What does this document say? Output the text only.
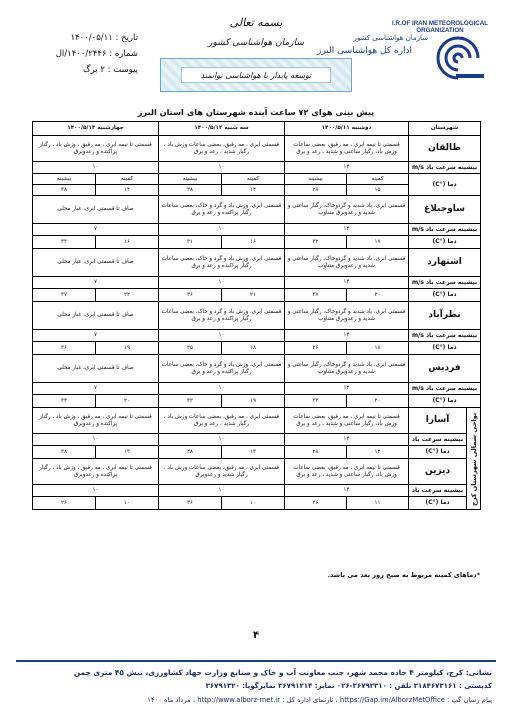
I.R.OF IRAN METEOROLOGICAL ORGANIZATION
اداره کل هواشناسی البرز
سازمان هواشناسی کشور
بسمه تعالی
سازمان هواشناسی کشور
توسعه پایدار با هواشناسی توانمند
تاریخ : ۱۴۰۰/۰۵/۱۱
شماره : ۱۴۰۰/۲۴۴۶/ال
پیوست : ۲ برگ
پیش بینی هوای ۷۲ ساعت آینده شهرستان های استان البرز
شهرستان		دوشنبه ۱۴۰۰/۵/۱۱		سه شنبه ۱۴۰۰/۵/۱۲		چهارشنبه ۱۴۰۰/۵/۱۳	
طالقان		قسمتی تا نیمه ابری ، مه رقیق، بعضی ساعات وزش باد، رگبار ساعتی و شدید ، رعد و برق		قسمتی ابری ، مه رقیق، بعضی ساعات وزش باد ، رگبار شدید ، رعد و برق		قسمتی تا نیمه ابری ، مه رقیق ، وزش باد ، رگبار پراکنده و رعدوبرق	
بیشینه سرعت باد m/s		۱۴		۱۰		۱۰	
دما (°C)		کمینه	بیشینه	کمینه	بیشینه	کمینه	بیشینه
		۱۵	۲۸	۱۴	۲۸	۱۴	۳۸
ساوجبلاغ		قسمتی ابری، باد شدید و گردوخاک، رگبار ساعتی و شدید و رعدوبرق متناوب		قسمتی ابری، وزش باد و گرد و خاک، بعضی ساعات رگبار پراکنده و رعد و برق		صاف تا قسمتی ابری، غبار محلی	
بیشینه سرعت باد m/s		۱۴		۱۰		۷	
دما (°C)		۱۷	۳۲	۱۶	۳۱	۱۶	۳۳
اشتهارد		قسمتی ابری، باد شدید و گردوخاک، رگبار ساعتی و شدید و رعدوبرق متناوب		قسمتی ابری، وزش باد و گرد و خاک، بعضی ساعات رگبار پراکنده و رعد و برق		صاف تا قسمتی ابری، غبار محلی	
بیشینه سرعت باد m/s		۱۴		۱۰		۷	
دما (°C)		۲۰	۳۷	۲۱	۳۶	۲۲	۳۷
نظرآباد		قسمتی ابری، باد شدید و گردوخاک، رگبار ساعتی و شدید و رعدوبرق متناوب		قسمتی ابری، وزش باد و گرد و خاک، بعضی ساعات رگبار پراکنده و رعد و برق		صاف تا قسمتی ابری، غبار محلی	
بیشینه سرعت باد m/s		۱۴		۱۰		۷	
دما (°C)		۱۸	۳۶	۱۸	۳۵	۱۹	۳۶
فردیس		قسمتی ابری، باد شدید و گردوخاک، رگبار ساعتی و شدید و رعدوبرق متناوب		قسمتی ابری، وزش باد و گرد و خاک، بعضی ساعات رگبار پراکنده و رعد و برق		صاف تا قسمتی ابری، غبار محلی	
بیشینه سرعت باد m/s		۱۴		۱۰		۷	
دما (°C)		۲۰	۳۳	۱۹	۳۲	۲۰	۳۴
نواحی شمالی شهرستان کرج	آسارا	قسمتی تا نیمه ابری ، مه رقیق، بعضی ساعات وزش باد، رگبار ساعتی و شدید ، رعد و برق		قسمتی ابری ، مه رقیق، بعضی ساعات وزش باد ، رگبار شدید ، رعد و برق		قسمتی تا نیمه ابری ، مه رقیق ، وزش باد ، رگبار پراکنده و رعدوبرق	
	بیشینه سرعت باد	۱۴		۱۰		۱۰	
	دما (°C)	۱۴	۲۸	۱۳	۲۸	۱۳	۳۸
	دیزین	قسمتی تا نیمه ابری ، مه رقیق، بعضی ساعات وزش باد، رگبار ساعتی و شدید ، رعد و برق		قسمتی ابری ، مه رقیق، بعضی ساعات وزش باد ، رگبار شدید و رعدوبرق		قسمتی تا نیمه ابری ، مه رقیق ، وزش باد ، رگبار پراکنده و رعدوبرق	
	بیشینه سرعت باد	۱۴		۱۰		۱۰	
	دما (°C)	۱۱	۳۶	۱۰	۳۶	۱۰	۲۶
*دماهای کمینه مربوط به صبح روز بعد می باشد.
۴
نشانی: کرج، کیلومتر ۴ جاده محمد شهر، جنب معاونت آب و خاک و صنایع وزارت جهاد کشاورزی، نبش ۴۵ متری چمن
کدپستی : ۳۱۸۴۶۷۳۱۶۱ تلفن : ۳۶۷۹۲۳۱۰-۰۲۶ نمابر: ۳۶۷۹۱۲۱۴ نمابرگویا: ۳۶۷۹۱۳۲۰
پیام رسان گپ : https://Gap.im/AlborzMetOffice ، تارنمای اداره کل : http://www.alborz-met.ir ، مرداد ماه ۱۴۰۰
